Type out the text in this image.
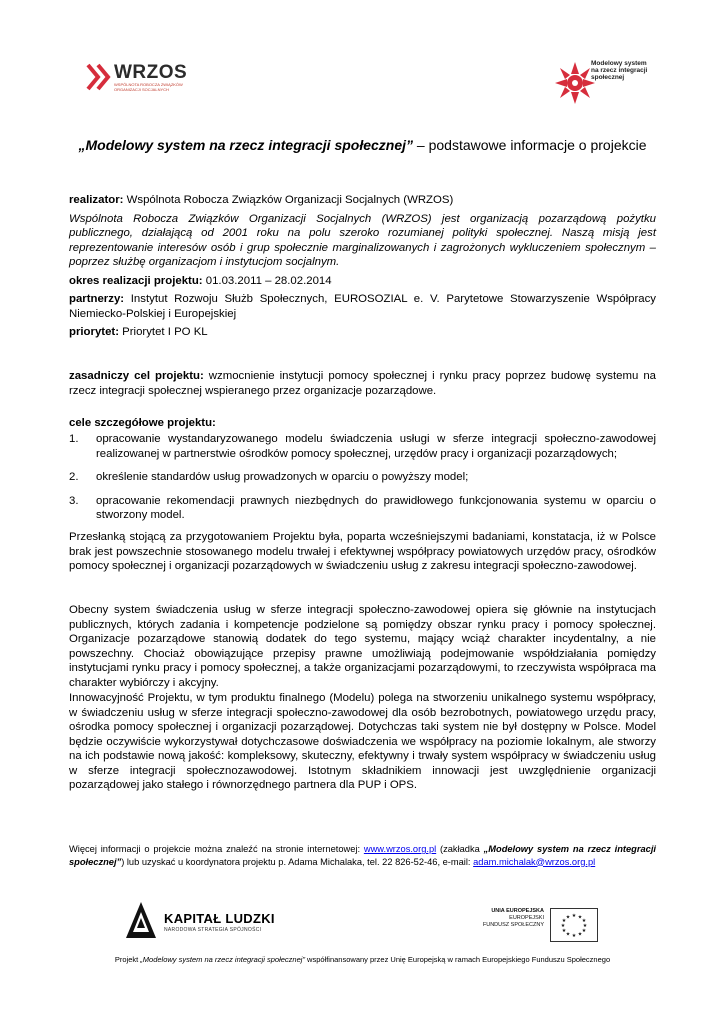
WRZOS
WSPÓLNOTA ROBOCZA ZWIĄZKÓW ORGANIZACJI SOCJALNYCH
Modelowy system na rzecz integracji społecznej
„Modelowy system na rzecz integracji społecznej” – podstawowe informacje o projekcie

realizator: Wspólnota Robocza Związków Organizacji Socjalnych (WRZOS)

Wspólnota Robocza Związków Organizacji Socjalnych (WRZOS) jest organizacją pozarządową pożytku publicznego, działającą od 2001 roku na polu szeroko rozumianej polityki społecznej. Naszą misją jest reprezentowanie interesów osób i grup społecznie marginalizowanych i zagrożonych wykluczeniem społecznym – poprzez służbę organizacjom i instytucjom socjalnym.

okres realizacji projektu: 01.03.2011 – 28.02.2014

partnerzy: Instytut Rozwoju Służb Społecznych, EUROSOZIAL e. V. Parytetowe Stowarzyszenie Współpracy Niemiecko-Polskiej i Europejskiej

priorytet: Priorytet I PO KL

zasadniczy cel projektu: wzmocnienie instytucji pomocy społecznej i rynku pracy poprzez budowę systemu na rzecz integracji społecznej wspieranego przez organizacje pozarządowe.

cele szczegółowe projektu:

1. opracowanie wystandaryzowanego modelu świadczenia usługi w sferze integracji społeczno-zawodowej realizowanej w partnerstwie ośrodków pomocy społecznej, urzędów pracy i organizacji pozarządowych;
2. określenie standardów usług prowadzonych w oparciu o powyższy model;
3. opracowanie rekomendacji prawnych niezbędnych do prawidłowego funkcjonowania systemu w oparciu o stworzony model.

Przesłanką stojącą za przygotowaniem Projektu była, poparta wcześniejszymi badaniami, konstatacja, iż w Polsce brak jest powszechnie stosowanego modelu trwałej i efektywnej współpracy powiatowych urzędów pracy, ośrodków pomocy społecznej i organizacji pozarządowych w świadczeniu usług z zakresu integracji społeczno-zawodowej.

Obecny system świadczenia usług w sferze integracji społeczno-zawodowej opiera się głównie na instytucjach publicznych, których zadania i kompetencje podzielone są pomiędzy obszar rynku pracy i pomocy społecznej. Organizacje pozarządowe stanowią dodatek do tego systemu, mający wciąż charakter incydentalny, a nie powszechny. Chociaż obowiązujące przepisy prawne umożliwiają podejmowanie współdziałania pomiędzy instytucjami rynku pracy i pomocy społecznej, a także organizacjami pozarządowymi, to rzeczywista współpraca ma charakter wybiórczy i akcyjny.

Innowacyjność Projektu, w tym produktu finalnego (Modelu) polega na stworzeniu unikalnego systemu współpracy, w świadczeniu usług w sferze integracji społeczno-zawodowej dla osób bezrobotnych, powiatowego urzędu pracy, ośrodka pomocy społecznej i organizacji pozarządowej. Dotychczas taki system nie był dostępny w Polsce. Model będzie oczywiście wykorzystywał dotychczasowe doświadczenia we współpracy na poziomie lokalnym, ale stworzy na ich podstawie nową jakość: kompleksowy, skuteczny, efektywny i trwały system współpracy w świadczeniu usług w sferze integracji społecznozawodowej. Istotnym składnikiem innowacji jest uwzględnienie organizacji pozarządowej jako stałego i równorzędnego partnera dla PUP i OPS.

Więcej informacji o projekcie można znaleźć na stronie internetowej: www.wrzos.org.pl (zakładka „Modelowy system na rzecz integracji społecznej”) lub uzyskać u koordynatora projektu p. Adama Michalaka, tel. 22 826-52-46, e-mail: adam.michalak@wrzos.org.pl
KAPITAŁ LUDZKI
NARODOWA STRATEGIA SPÓJNOŚCI
UNIA EUROPEJSKA
EUROPEJSKI
FUNDUSZ SPOŁECZNY
★ ★
★
★
★
★
★
★
★
★
★
★
Projekt „Modelowy system na rzecz integracji społecznej” współfinansowany przez Unię Europejską w ramach Europejskiego Funduszu Społecznego
